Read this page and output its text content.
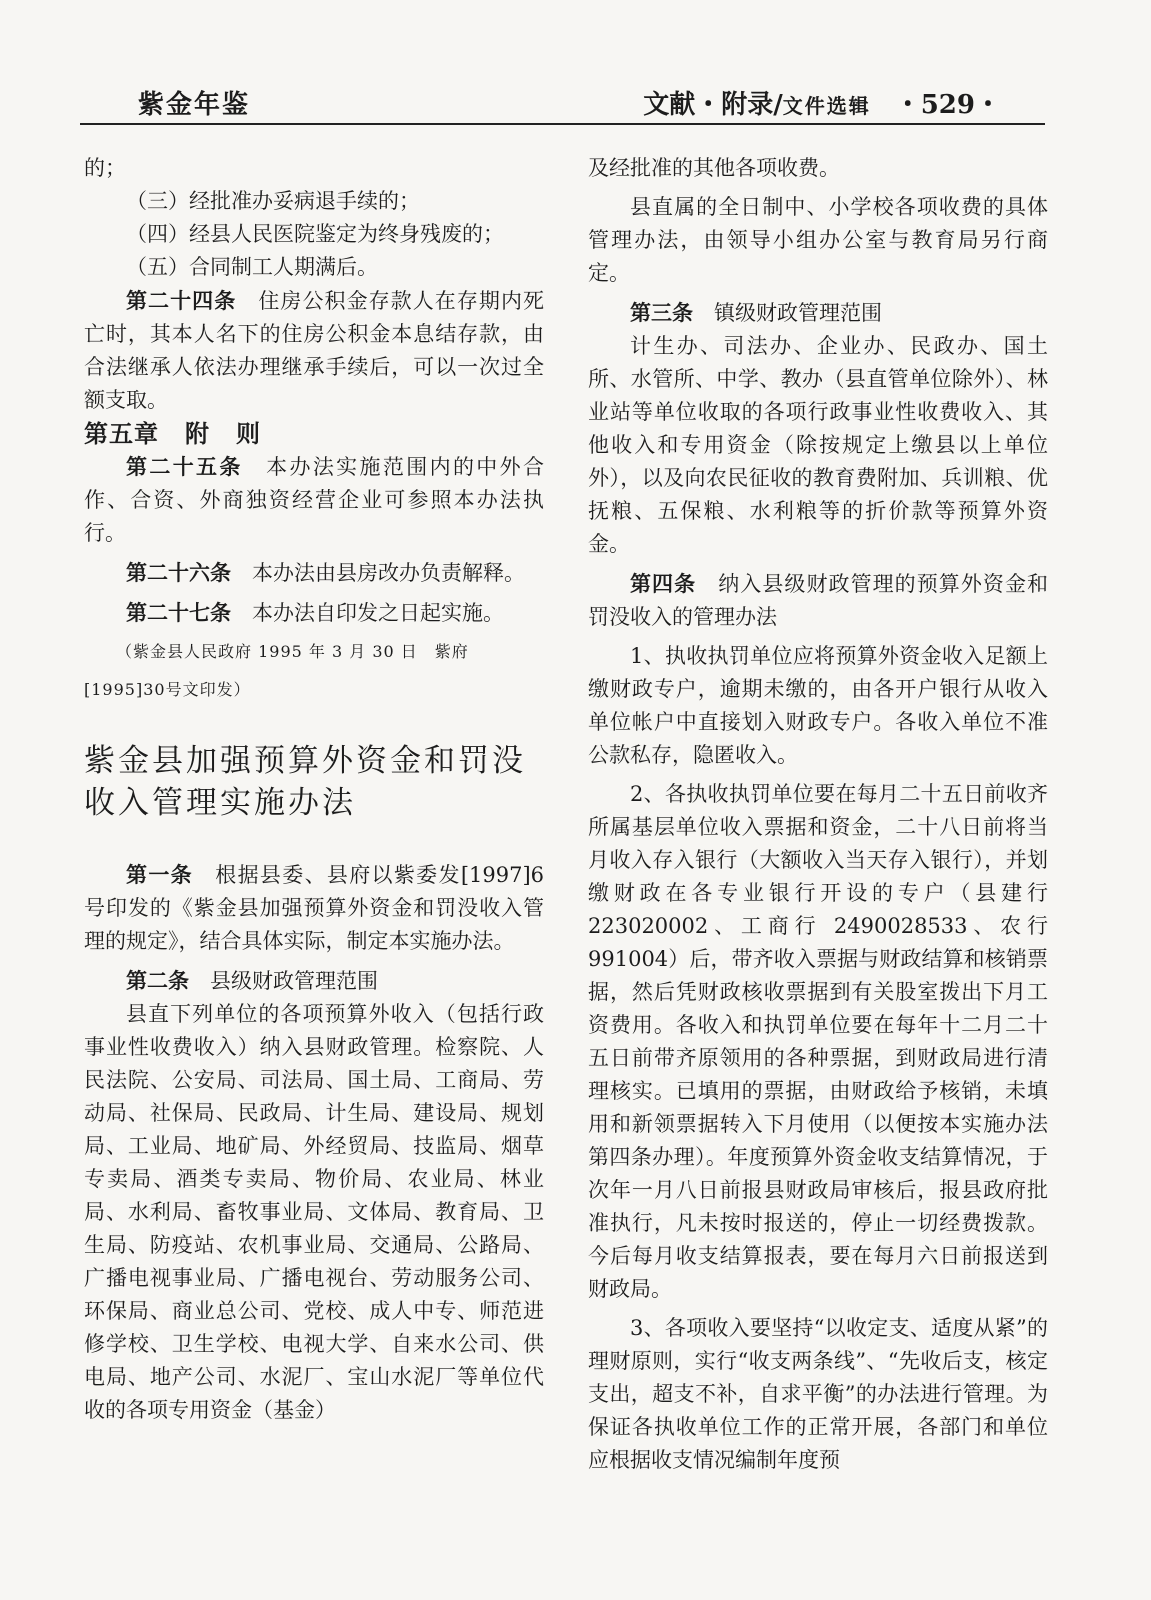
紫金年鉴	文献・附录/文件选辑 ・529・

的；

（三）经批准办妥病退手续的；

（四）经县人民医院鉴定为终身残废的；

（五）合同制工人期满后。

第二十四条　 住房公积金存款人在存期内死亡时，其本人名下的住房公积金本息结存款，由合法继承人依法办理继承手续后，可以一次过全额支取。

第五章 附 则

第二十五条　 本办法实施范围内的中外合作、合资、外商独资经营企业可参照本办法执行。

第二十六条　 本办法由县房改办负责解释。

第二十七条　 本办法自印发之日起实施。

（紫金县人民政府 1995 年 3 月 30 日　紫府

[1995]30号文印发）

紫金县加强预算外资金和罚没
收入管理实施办法

第一条　 根据县委、县府以紫委发[1997]6号印发的《紫金县加强预算外资金和罚没收入管理的规定》，结合具体实际，制定本实施办法。

第二条　 县级财政管理范围

县直下列单位的各项预算外收入（包括行政事业性收费收入）纳入县财政管理。检察院、人民法院、公安局、司法局、国土局、工商局、劳动局、社保局、民政局、计生局、建设局、规划局、工业局、地矿局、外经贸局、技监局、烟草专卖局、酒类专卖局、物价局、农业局、林业局、水利局、畜牧事业局、文体局、教育局、卫生局、防疫站、农机事业局、交通局、公路局、广播电视事业局、广播电视台、劳动服务公司、环保局、商业总公司、党校、成人中专、师范进修学校、卫生学校、电视大学、自来水公司、供电局、地产公司、水泥厂、宝山水泥厂等单位代收的各项专用资金（基金）

及经批准的其他各项收费。

县直属的全日制中、小学校各项收费的具体管理办法，由领导小组办公室与教育局另行商定。

第三条　 镇级财政管理范围

计生办、司法办、企业办、民政办、国土所、水管所、中学、教办（县直管单位除外）、林业站等单位收取的各项行政事业性收费收入、其他收入和专用资金（除按规定上缴县以上单位外），以及向农民征收的教育费附加、兵训粮、优抚粮、五保粮、水利粮等的折价款等预算外资金。

第四条　 纳入县级财政管理的预算外资金和罚没收入的管理办法

1、执收执罚单位应将预算外资金收入足额上缴财政专户，逾期未缴的，由各开户银行从收入单位帐户中直接划入财政专户。各收入单位不准公款私存，隐匿收入。

2、各执收执罚单位要在每月二十五日前收齐所属基层单位收入票据和资金，二十八日前将当月收入存入银行（大额收入当天存入银行），并划缴财政在各专业银行开设的专户（县建行 223020002、工商行 2490028533、农行991004）后，带齐收入票据与财政结算和核销票据，然后凭财政核收票据到有关股室拨出下月工资费用。各收入和执罚单位要在每年十二月二十五日前带齐原领用的各种票据，到财政局进行清理核实。已填用的票据，由财政给予核销，未填用和新领票据转入下月使用（以便按本实施办法第四条办理）。年度预算外资金收支结算情况，于次年一月八日前报县财政局审核后，报县政府批准执行，凡未按时报送的，停止一切经费拨款。今后每月收支结算报表，要在每月六日前报送到财政局。

3、各项收入要坚持“以收定支、适度从紧”的理财原则，实行“收支两条线”、“先收后支，核定支出，超支不补，自求平衡”的办法进行管理。为保证各执收单位工作的正常开展，各部门和单位应根据收支情况编制年度预
